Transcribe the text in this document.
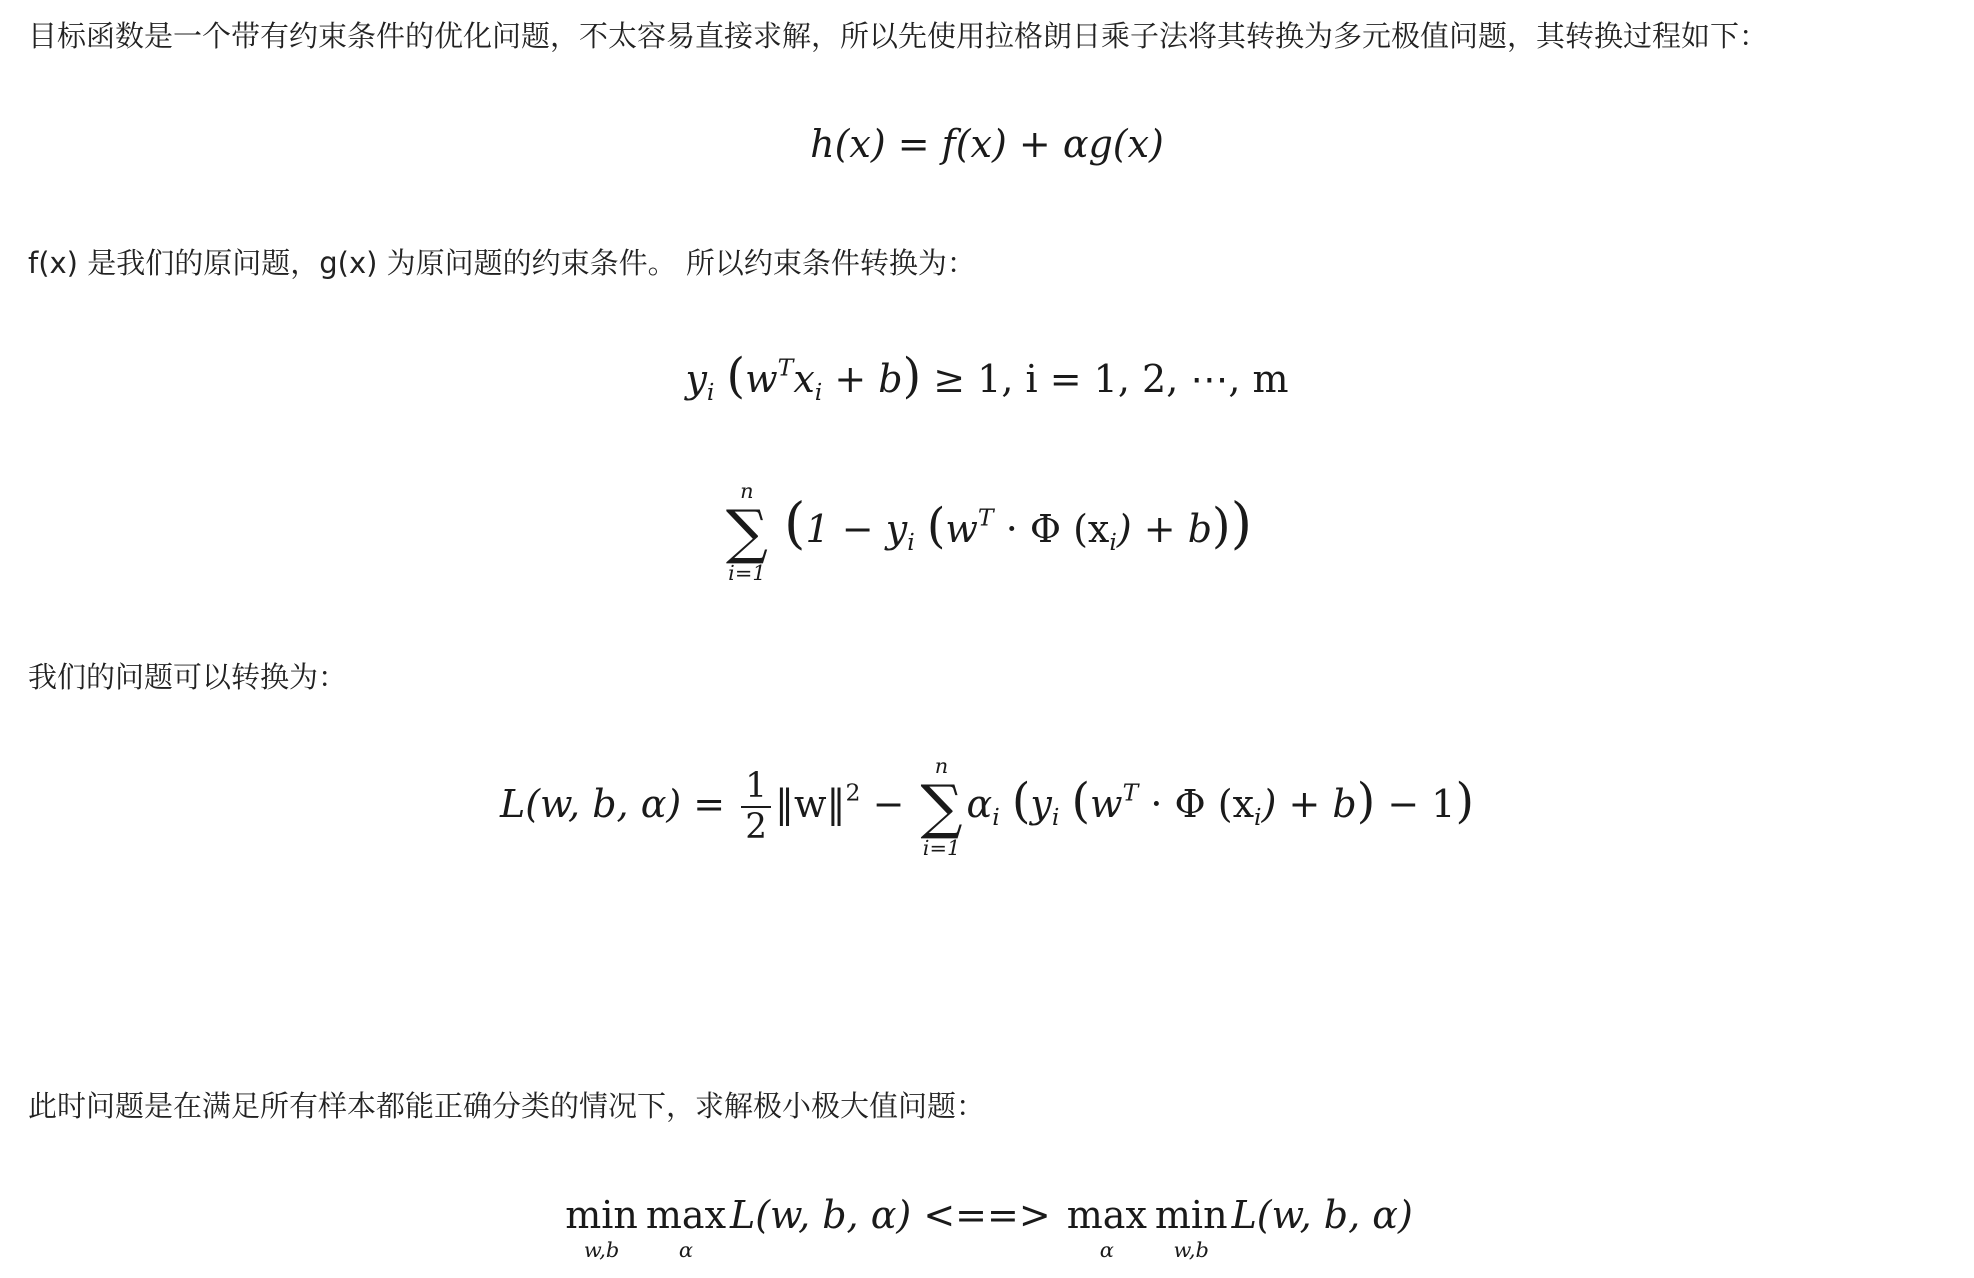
目标函数是一个带有约束条件的优化问题，不太容易直接求解，所以先使用拉格朗日乘子法将其转换为多元极值问题，其转换过程如下：
h(x) = f(x) + αg(x)
f(x) 是我们的原问题，g(x) 为原问题的约束条件。 所以约束条件转换为：
$y_i$ $(w^Tx_i + b) \ge 1$, i = 1, 2, ⋯, m
n
∑
i=1
($1 - y_i$ ($w^T \cdot \Phi$ $(x_i) + b$))
我们的问题可以转换为：
L(w, b, $\alpha) = \frac{1}{2}$ ‖w‖$^2$ −
n
∑
i=1
$\alpha_i$ ($y_i$ ($w^T \cdot \Phi$ $(x_i) + b) - 1$)
此时问题是在满足所有样本都能正确分类的情况下，求解极小极大值问题：
min
w,b
max
α
L(w, b, α) <==> max
α
min
w,b
L(w, b, α)
